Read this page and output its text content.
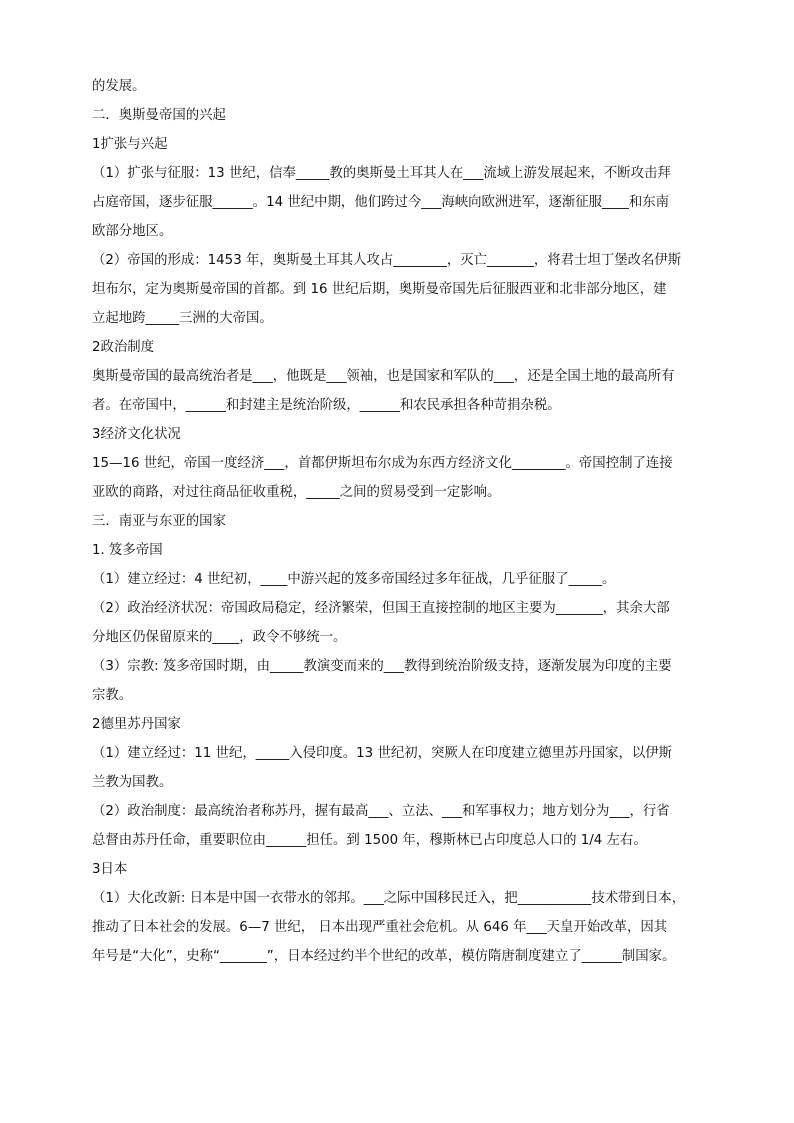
的发展。
二．奥斯曼帝国的兴起
1扩张与兴起
（1）扩张与征服：13 世纪，信奉_____教的奥斯曼土耳其人在___流域上游发展起来，不断攻击拜
占庭帝国，逐步征服______。14 世纪中期，他们跨过今___海峡向欧洲进军，逐渐征服____和东南
欧部分地区。
（2）帝国的形成：1453 年，奥斯曼土耳其人攻占________，灭亡_______，将君士坦丁堡改名伊斯
坦布尔，定为奥斯曼帝国的首都。到 16 世纪后期，奥斯曼帝国先后征服西亚和北非部分地区，建
立起地跨_____三洲的大帝国。
2政治制度
奥斯曼帝国的最高统治者是___，他既是___领袖，也是国家和军队的___，还是全国土地的最高所有
者。在帝国中，______和封建主是统治阶级，______和农民承担各种苛捐杂税。
3经济文化状况
15—16 世纪，帝国一度经济___，首都伊斯坦布尔成为东西方经济文化________。帝国控制了连接
亚欧的商路，对过往商品征收重税，_____之间的贸易受到一定影响。
三．南亚与东亚的国家
1. 笈多帝国
（1）建立经过：4 世纪初，____中游兴起的笈多帝国经过多年征战，几乎征服了_____。
（2）政治经济状况：帝国政局稳定，经济繁荣，但国王直接控制的地区主要为_______，其余大部
分地区仍保留原来的____，政令不够统一。
（3）宗教: 笈多帝国时期，由_____教演变而来的___教得到统治阶级支持，逐渐发展为印度的主要
宗教。
2德里苏丹国家
（1）建立经过：11 世纪，_____入侵印度。13 世纪初，突厥人在印度建立德里苏丹国家，以伊斯
兰教为国教。
（2）政治制度：最高统治者称苏丹，握有最高___、立法、___和军事权力；地方划分为___，行省
总督由苏丹任命，重要职位由______担任。到 1500 年，穆斯林已占印度总人口的 1/4 左右。
3日本
（1）大化改新: 日本是中国一衣带水的邻邦。___之际中国移民迁入，把___________技术带到日本，
推动了日本社会的发展。6—7 世纪， 日本出现严重社会危机。从 646 年___天皇开始改革，因其
年号是“大化”，史称“_______”，日本经过约半个世纪的改革，模仿隋唐制度建立了______制国家。
